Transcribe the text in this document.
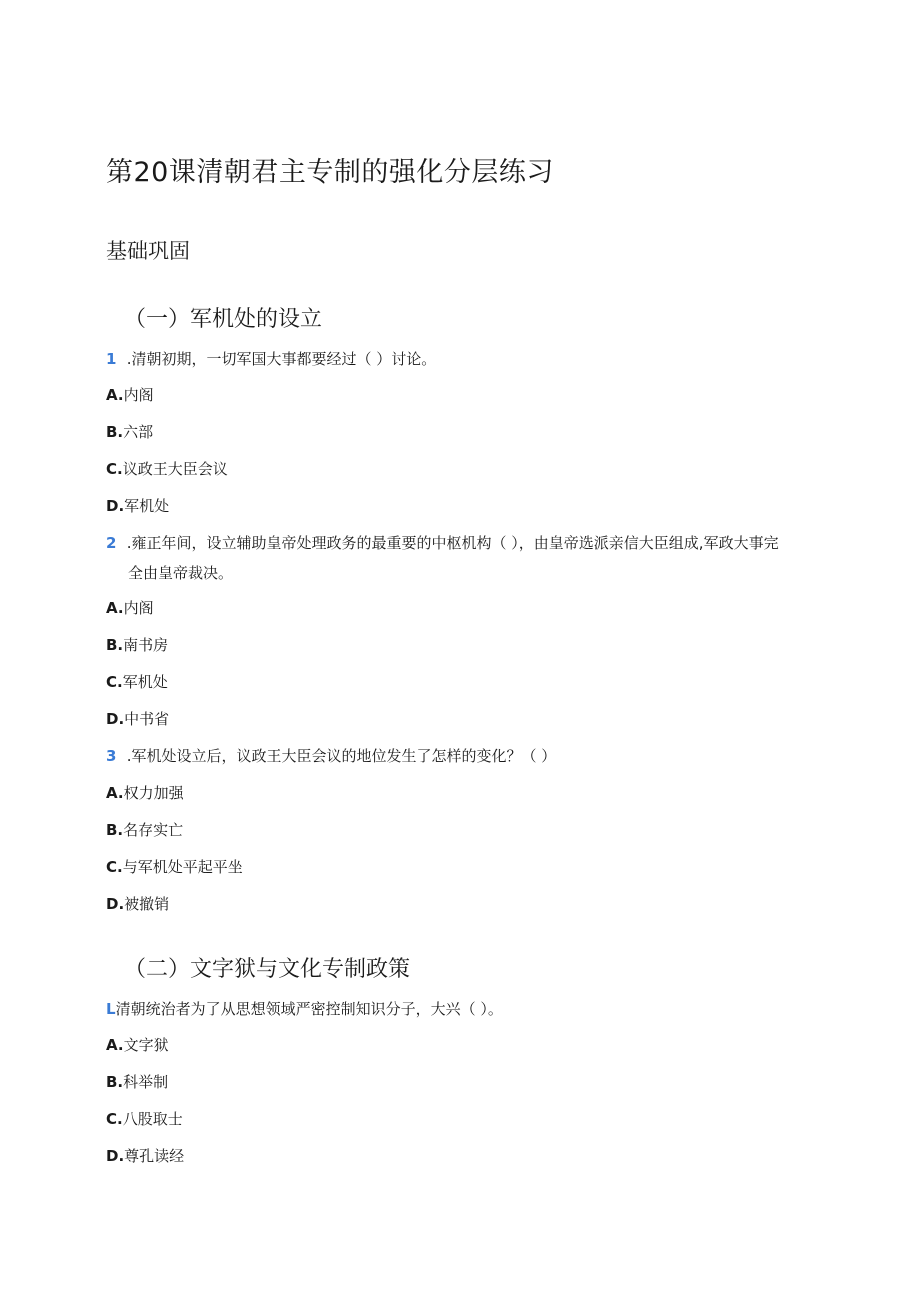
第20课清朝君主专制的强化分层练习
基础巩固
（一）军机处的设立
1 .清朝初期，一切军国大事都要经过（ ）讨论。
A.内阁
B.六部
C.议政王大臣会议
D.军机处
2 .雍正年间，设立辅助皇帝处理政务的最重要的中枢机构（ ），由皇帝选派亲信大臣组成,军政大事完
全由皇帝裁决。
A.内阁
B.南书房
C.军机处
D.中书省
3 .军机处设立后，议政王大臣会议的地位发生了怎样的变化？（ ）
A.权力加强
B.名存实亡
C.与军机处平起平坐
D.被撤销
（二）文字狱与文化专制政策
L清朝统治者为了从思想领域严密控制知识分子，大兴（ ）。
A.文字狱
B.科举制
C.八股取士
D.尊孔读经
